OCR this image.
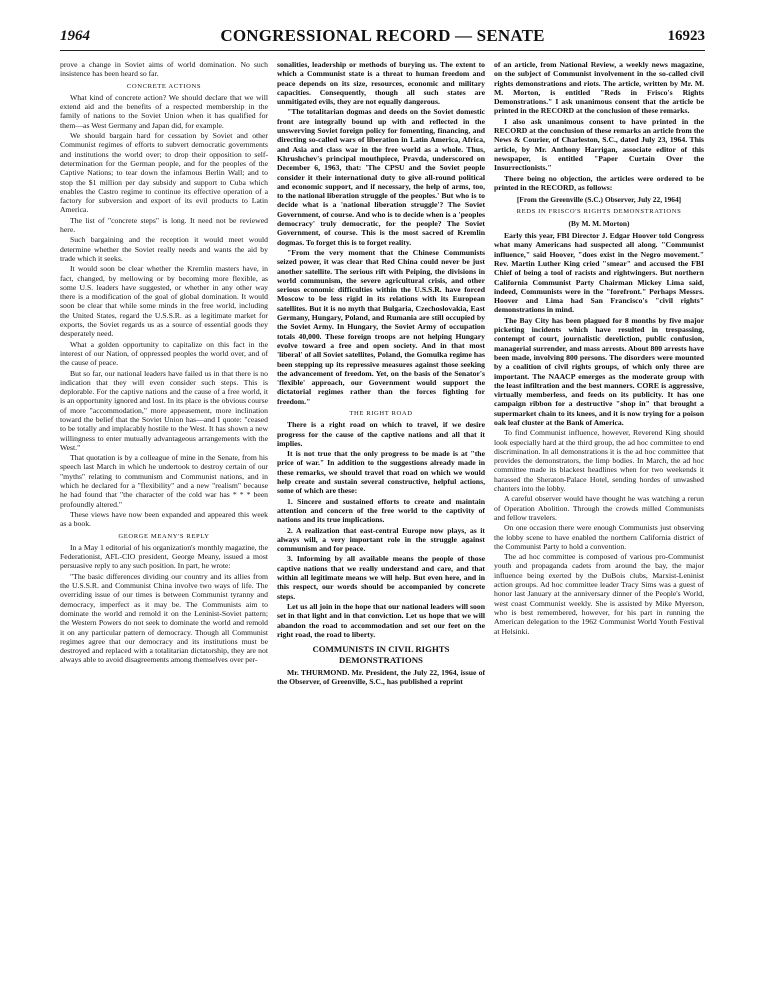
1964	CONGRESSIONAL RECORD — SENATE	16923

prove a change in Soviet aims of world domination. No such insistence has been heard so far.

CONCRETE ACTIONS

What kind of concrete action? We should declare that we will extend aid and the benefits of a respected membership in the family of nations to the Soviet Union when it has qualified for them—as West Germany and Japan did, for example.

We should bargain hard for cessation by Soviet and other Communist regimes of efforts to subvert democratic governments and institutions the world over; to drop their opposition to self-determination for the German people, and for the peoples of the Captive Nations; to tear down the infamous Berlin Wall; and to stop the $1 million per day subsidy and support to Cuba which enables the Castro regime to continue its effective operation of a factory for subversion and export of its evil products to Latin America.

The list of "concrete steps" is long. It need not be reviewed here.

Such bargaining and the reception it would meet would determine whether the Soviet really needs and wants the aid by trade which it seeks.

It would soon be clear whether the Kremlin masters have, in fact, changed, by mellowing or by becoming more flexible, as some U.S. leaders have suggested, or whether in any other way there is a modification of the goal of global domination. It would soon be clear that while some minds in the free world, including the United States, regard the U.S.S.R. as a legitimate market for exports, the Soviet regards us as a source of essential goods they desperately need.

What a golden opportunity to capitalize on this fact in the interest of our Nation, of oppressed peoples the world over, and of the cause of peace.

But so far, our national leaders have failed us in that there is no indication that they will even consider such steps. This is deplorable. For the captive nations and the cause of a free world, it is an opportunity ignored and lost. In its place is the obvious course of more "accommodation," more appeasement, more inclination toward the belief that the Soviet Union has—and I quote: "ceased to be totally and implacably hostile to the West. It has shown a new willingness to enter mutually advantageous arrangements with the West."

That quotation is by a colleague of mine in the Senate, from his speech last March in which he undertook to destroy certain of our "myths" relating to communism and Communist nations, and in which he declared for a "flexibility" and a new "realism" because he had found that "the character of the cold war has * * * been profoundly altered."

These views have now been expanded and appeared this week as a book.

GEORGE MEANY'S REPLY

In a May 1 editorial of his organization's monthly magazine, the Federationist, AFL-CIO president, George Meany, issued a most persuasive reply to any such position. In part, he wrote:

"The basic differences dividing our country and its allies from the U.S.S.R. and Communist China involve two ways of life. The overriding issue of our times is between Communist tyranny and democracy, imperfect as it may be. The Communists aim to dominate the world and remold it on the Leninist-Soviet pattern; the Western Powers do not seek to dominate the world and remold it on any particular pattern of democracy. Though all Communist regimes agree that our democracy and its institutions must be destroyed and replaced with a totalitarian dictatorship, they are not always able to avoid disagreements among themselves over per-

sonalities, leadership or methods of burying us. The extent to which a Communist state is a threat to human freedom and peace depends on its size, resources, economic and military capacities. Consequently, though all such states are unmitigated evils, they are not equally dangerous.

"The totalitarian dogmas and deeds on the Soviet domestic front are integrally bound up with and reflected in the unswerving Soviet foreign policy for fomenting, financing, and directing so-called wars of liberation in Latin America, Africa, and Asia and class war in the free world as a whole. Thus, Khrushchev's principal mouthpiece, Pravda, underscored on December 6, 1963, that: 'The CPSU and the Soviet people consider it their international duty to give all-round political and economic support, and if necessary, the help of arms, too, to the national liberation struggle of the peoples.' But who is to decide what is a 'national liberation struggle'? The Soviet Government, of course. And who is to decide when is a 'peoples democracy' truly democratic, for the people? The Soviet Government, of course. This is the most sacred of Kremlin dogmas. To forget this is to forget reality.

"From the very moment that the Chinese Communists seized power, it was clear that Red China could never be just another satellite. The serious rift with Peiping, the divisions in world communism, the severe agricultural crisis, and other serious economic difficulties within the U.S.S.R. have forced Moscow to be less rigid in its relations with its European satellites. But it is no myth that Bulgaria, Czechoslovakia, East Germany, Hungary, Poland, and Rumania are still occupied by the Soviet Army. In Hungary, the Soviet Army of occupation totals 40,000. These foreign troops are not helping Hungary evolve toward a free and open society. And in that most 'liberal' of all Soviet satellites, Poland, the Gomulka regime has been stepping up its repressive measures against those seeking the advancement of freedom. Yet, on the basis of the Senator's 'flexible' approach, our Government would support the dictatorial regimes rather than the forces fighting for freedom."

THE RIGHT ROAD

There is a right road on which to travel, if we desire progress for the cause of the captive nations and all that it implies.

It is not true that the only progress to be made is at "the price of war." In addition to the suggestions already made in these remarks, we should travel that road on which we would help create and sustain several constructive, helpful actions, some of which are these:

1. Sincere and sustained efforts to create and maintain attention and concern of the free world to the captivity of nations and its true implications.

2. A realization that east-central Europe now plays, as it always will, a very important role in the struggle against communism and for peace.

3. Informing by all available means the people of those captive nations that we really understand and care, and that within all legitimate means we will help. But even here, and in this respect, our words should be accompanied by concrete steps.

Let us all join in the hope that our national leaders will soon set in that light and in that conviction. Let us hope that we will abandon the road to accommodation and set our feet on the right road, the road to liberty.

COMMUNISTS IN CIVIL RIGHTS DEMONSTRATIONS

Mr. THURMOND. Mr. President, the July 22, 1964, issue of the Observer, of Greenville, S.C., has published a reprint

of an article, from National Review, a weekly news magazine, on the subject of Communist involvement in the so-called civil rights demonstrations and riots. The article, written by Mr. M. M. Morton, is entitled "Reds in Frisco's Rights Demonstrations." I ask unanimous consent that the article be printed in the RECORD at the conclusion of these remarks.

I also ask unanimous consent to have printed in the RECORD at the conclusion of these remarks an article from the News & Courier, of Charleston, S.C., dated July 23, 1964. This article, by Mr. Anthony Harrigan, associate editor of this newspaper, is entitled "Paper Curtain Over the Insurrectionists."

There being no objection, the articles were ordered to be printed in the RECORD, as follows:

[From the Greenville (S.C.) Observer, July 22, 1964]
REDS IN FRISCO'S RIGHTS DEMONSTRATIONS
(By M. M. Morton)

Early this year, FBI Director J. Edgar Hoover told Congress what many Americans had suspected all along. "Communist influence," said Hoover, "does exist in the Negro movement." Rev. Martin Luther King cried "smear" and accused the FBI Chief of being a tool of racists and rightwingers. But northern California Communist Party Chairman Mickey Lima said, indeed, Communists were in the "forefront." Perhaps Messrs. Hoover and Lima had San Francisco's "civil rights" demonstrations in mind.

The Bay City has been plagued for 8 months by five major picketing incidents which have resulted in trespassing, contempt of court, journalistic dereliction, public confusion, managerial surrender, and mass arrests. About 800 arrests have been made, involving 800 persons. The disorders were mounted by a coalition of civil rights groups, of which only three are important. The NAACP emerges as the moderate group with the least infiltration and the best manners. CORE is aggressive, virtually memberless, and feeds on its publicity. It has one campaign ribbon for a destructive "shop in" that brought a supermarket chain to its knees, and it is now trying for a poison oak leaf cluster at the Bank of America.

To find Communist influence, however, Reverend King should look especially hard at the third group, the ad hoc committee to end discrimination. In all demonstrations it is the ad hoc committee that provides the demonstrators, the limp bodies. In March, the ad hoc committee made its blackest headlines when for two weekends it harassed the Sheraton-Palace Hotel, sending hordes of unwashed chanters into the lobby.

A careful observer would have thought he was watching a rerun of Operation Abolition. Through the crowds milled Communists and fellow travelers.

On one occasion there were enough Communists just observing the lobby scene to have enabled the northern California district of the Communist Party to hold a convention.

The ad hoc committee is composed of various pro-Communist youth and propaganda cadets from around the bay, the major influence being exerted by the DuBois clubs, Marxist-Leninist action groups. Ad hoc committee leader Tracy Sims was a guest of honor last January at the anniversary dinner of the People's World, west coast Communist weekly. She is assisted by Mike Myerson, who is best remembered, however, for his part in running the American delegation to the 1962 Communist World Youth Festival at Helsinki.
